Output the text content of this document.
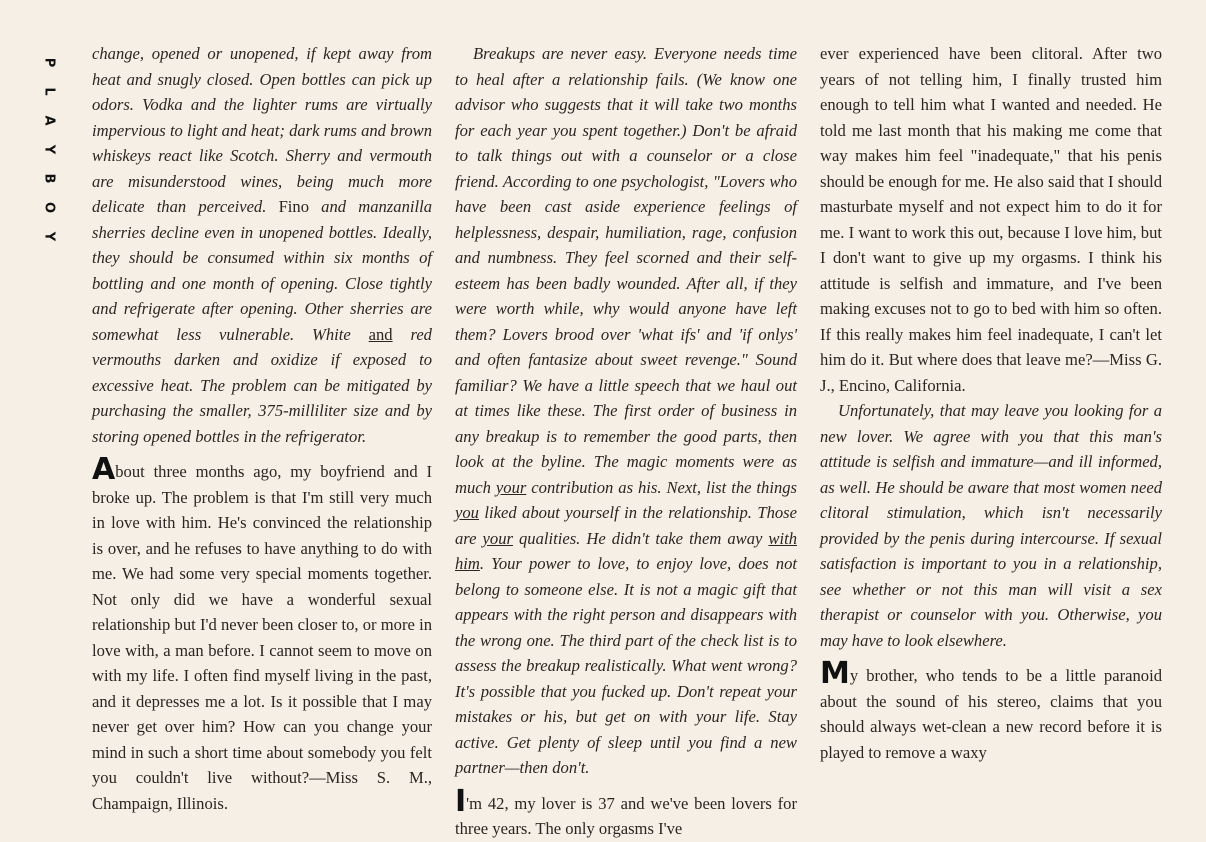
P
L
A
Y
B
O
Y

change, opened or unopened, if kept away from heat and snugly closed. Open bottles can pick up odors. Vodka and the lighter rums are virtually impervious to light and heat; dark rums and brown whiskeys react like Scotch. Sherry and vermouth are misunderstood wines, being much more delicate than perceived. Fino and manzanilla sherries decline even in unopened bottles. Ideally, they should be consumed within six months of bottling and one month of opening. Close tightly and refrigerate after opening. Other sherries are somewhat less vulnerable. White and red vermouths darken and oxidize if exposed to excessive heat. The problem can be mitigated by purchasing the smaller, 375-milliliter size and by storing opened bottles in the refrigerator.

About three months ago, my boyfriend and I broke up. The problem is that I'm still very much in love with him. He's convinced the relationship is over, and he refuses to have anything to do with me. We had some very special moments together. Not only did we have a wonderful sexual relationship but I'd never been closer to, or more in love with, a man before. I cannot seem to move on with my life. I often find myself living in the past, and it depresses me a lot. Is it possible that I may never get over him? How can you change your mind in such a short time about somebody you felt you couldn't live without?—Miss S. M., Champaign, Illinois.

Breakups are never easy. Everyone needs time to heal after a relationship fails. (We know one advisor who suggests that it will take two months for each year you spent together.) Don't be afraid to talk things out with a counselor or a close friend. According to one psychologist, "Lovers who have been cast aside experience feelings of helplessness, despair, humiliation, rage, confusion and numbness. They feel scorned and their self-esteem has been badly wounded. After all, if they were worth while, why would anyone have left them? Lovers brood over 'what ifs' and 'if onlys' and often fantasize about sweet revenge." Sound familiar? We have a little speech that we haul out at times like these. The first order of business in any breakup is to remember the good parts, then look at the byline. The magic moments were as much your contribution as his. Next, list the things you liked about yourself in the relationship. Those are your qualities. He didn't take them away with him. Your power to love, to enjoy love, does not belong to someone else. It is not a magic gift that appears with the right person and disappears with the wrong one. The third part of the check list is to assess the breakup realistically. What went wrong? It's possible that you fucked up. Don't repeat your mistakes or his, but get on with your life. Stay active. Get plenty of sleep until you find a new partner—then don't.

I'm 42, my lover is 37 and we've been lovers for three years. The only orgasms I've

ever experienced have been clitoral. After two years of not telling him, I finally trusted him enough to tell him what I wanted and needed. He told me last month that his making me come that way makes him feel "inadequate," that his penis should be enough for me. He also said that I should masturbate myself and not expect him to do it for me. I want to work this out, because I love him, but I don't want to give up my orgasms. I think his attitude is selfish and immature, and I've been making excuses not to go to bed with him so often. If this really makes him feel inadequate, I can't let him do it. But where does that leave me?—Miss G. J., Encino, California.

Unfortunately, that may leave you looking for a new lover. We agree with you that this man's attitude is selfish and immature—and ill informed, as well. He should be aware that most women need clitoral stimulation, which isn't necessarily provided by the penis during intercourse. If sexual satisfaction is important to you in a relationship, see whether or not this man will visit a sex therapist or counselor with you. Otherwise, you may have to look elsewhere.

My brother, who tends to be a little paranoid about the sound of his stereo, claims that you should always wet-clean a new record before it is played to remove a waxy
